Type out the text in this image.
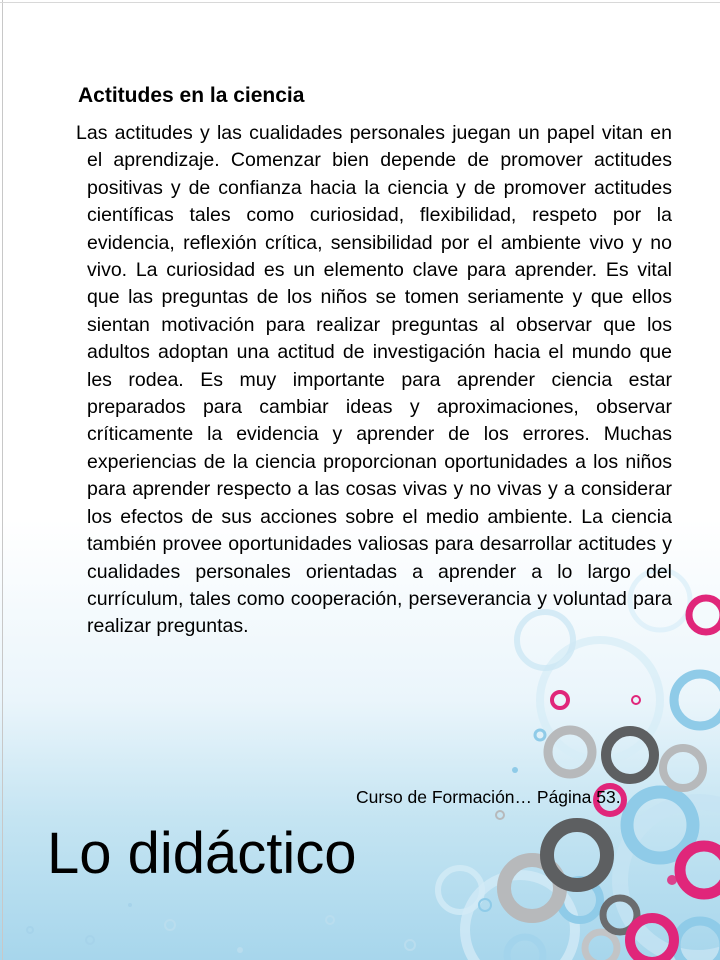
Actitudes en la ciencia
Las actitudes y las cualidades personales juegan un papel vitan en el aprendizaje. Comenzar bien depende de promover actitudes positivas y de confianza hacia la ciencia y de promover actitudes científicas tales como curiosidad, flexibilidad, respeto por la evidencia, reflexión crítica, sensibilidad por el ambiente vivo y no vivo. La curiosidad es un elemento clave para aprender. Es vital que las preguntas de los niños se tomen seriamente y que ellos sientan motivación para realizar preguntas al observar que los adultos adoptan una actitud de investigación hacia el mundo que les rodea. Es muy importante para aprender ciencia estar preparados para cambiar ideas y aproximaciones, observar críticamente la evidencia y aprender de los errores. Muchas experiencias de la ciencia proporcionan oportunidades a los niños para aprender respecto a las cosas vivas y no vivas y a considerar los efectos de sus acciones sobre el medio ambiente. La ciencia también provee oportunidades valiosas para desarrollar actitudes y cualidades personales orientadas a aprender a lo largo del currículum, tales como cooperación, perseverancia y voluntad para realizar preguntas.
Curso de Formación… Página 53.
Lo didáctico
